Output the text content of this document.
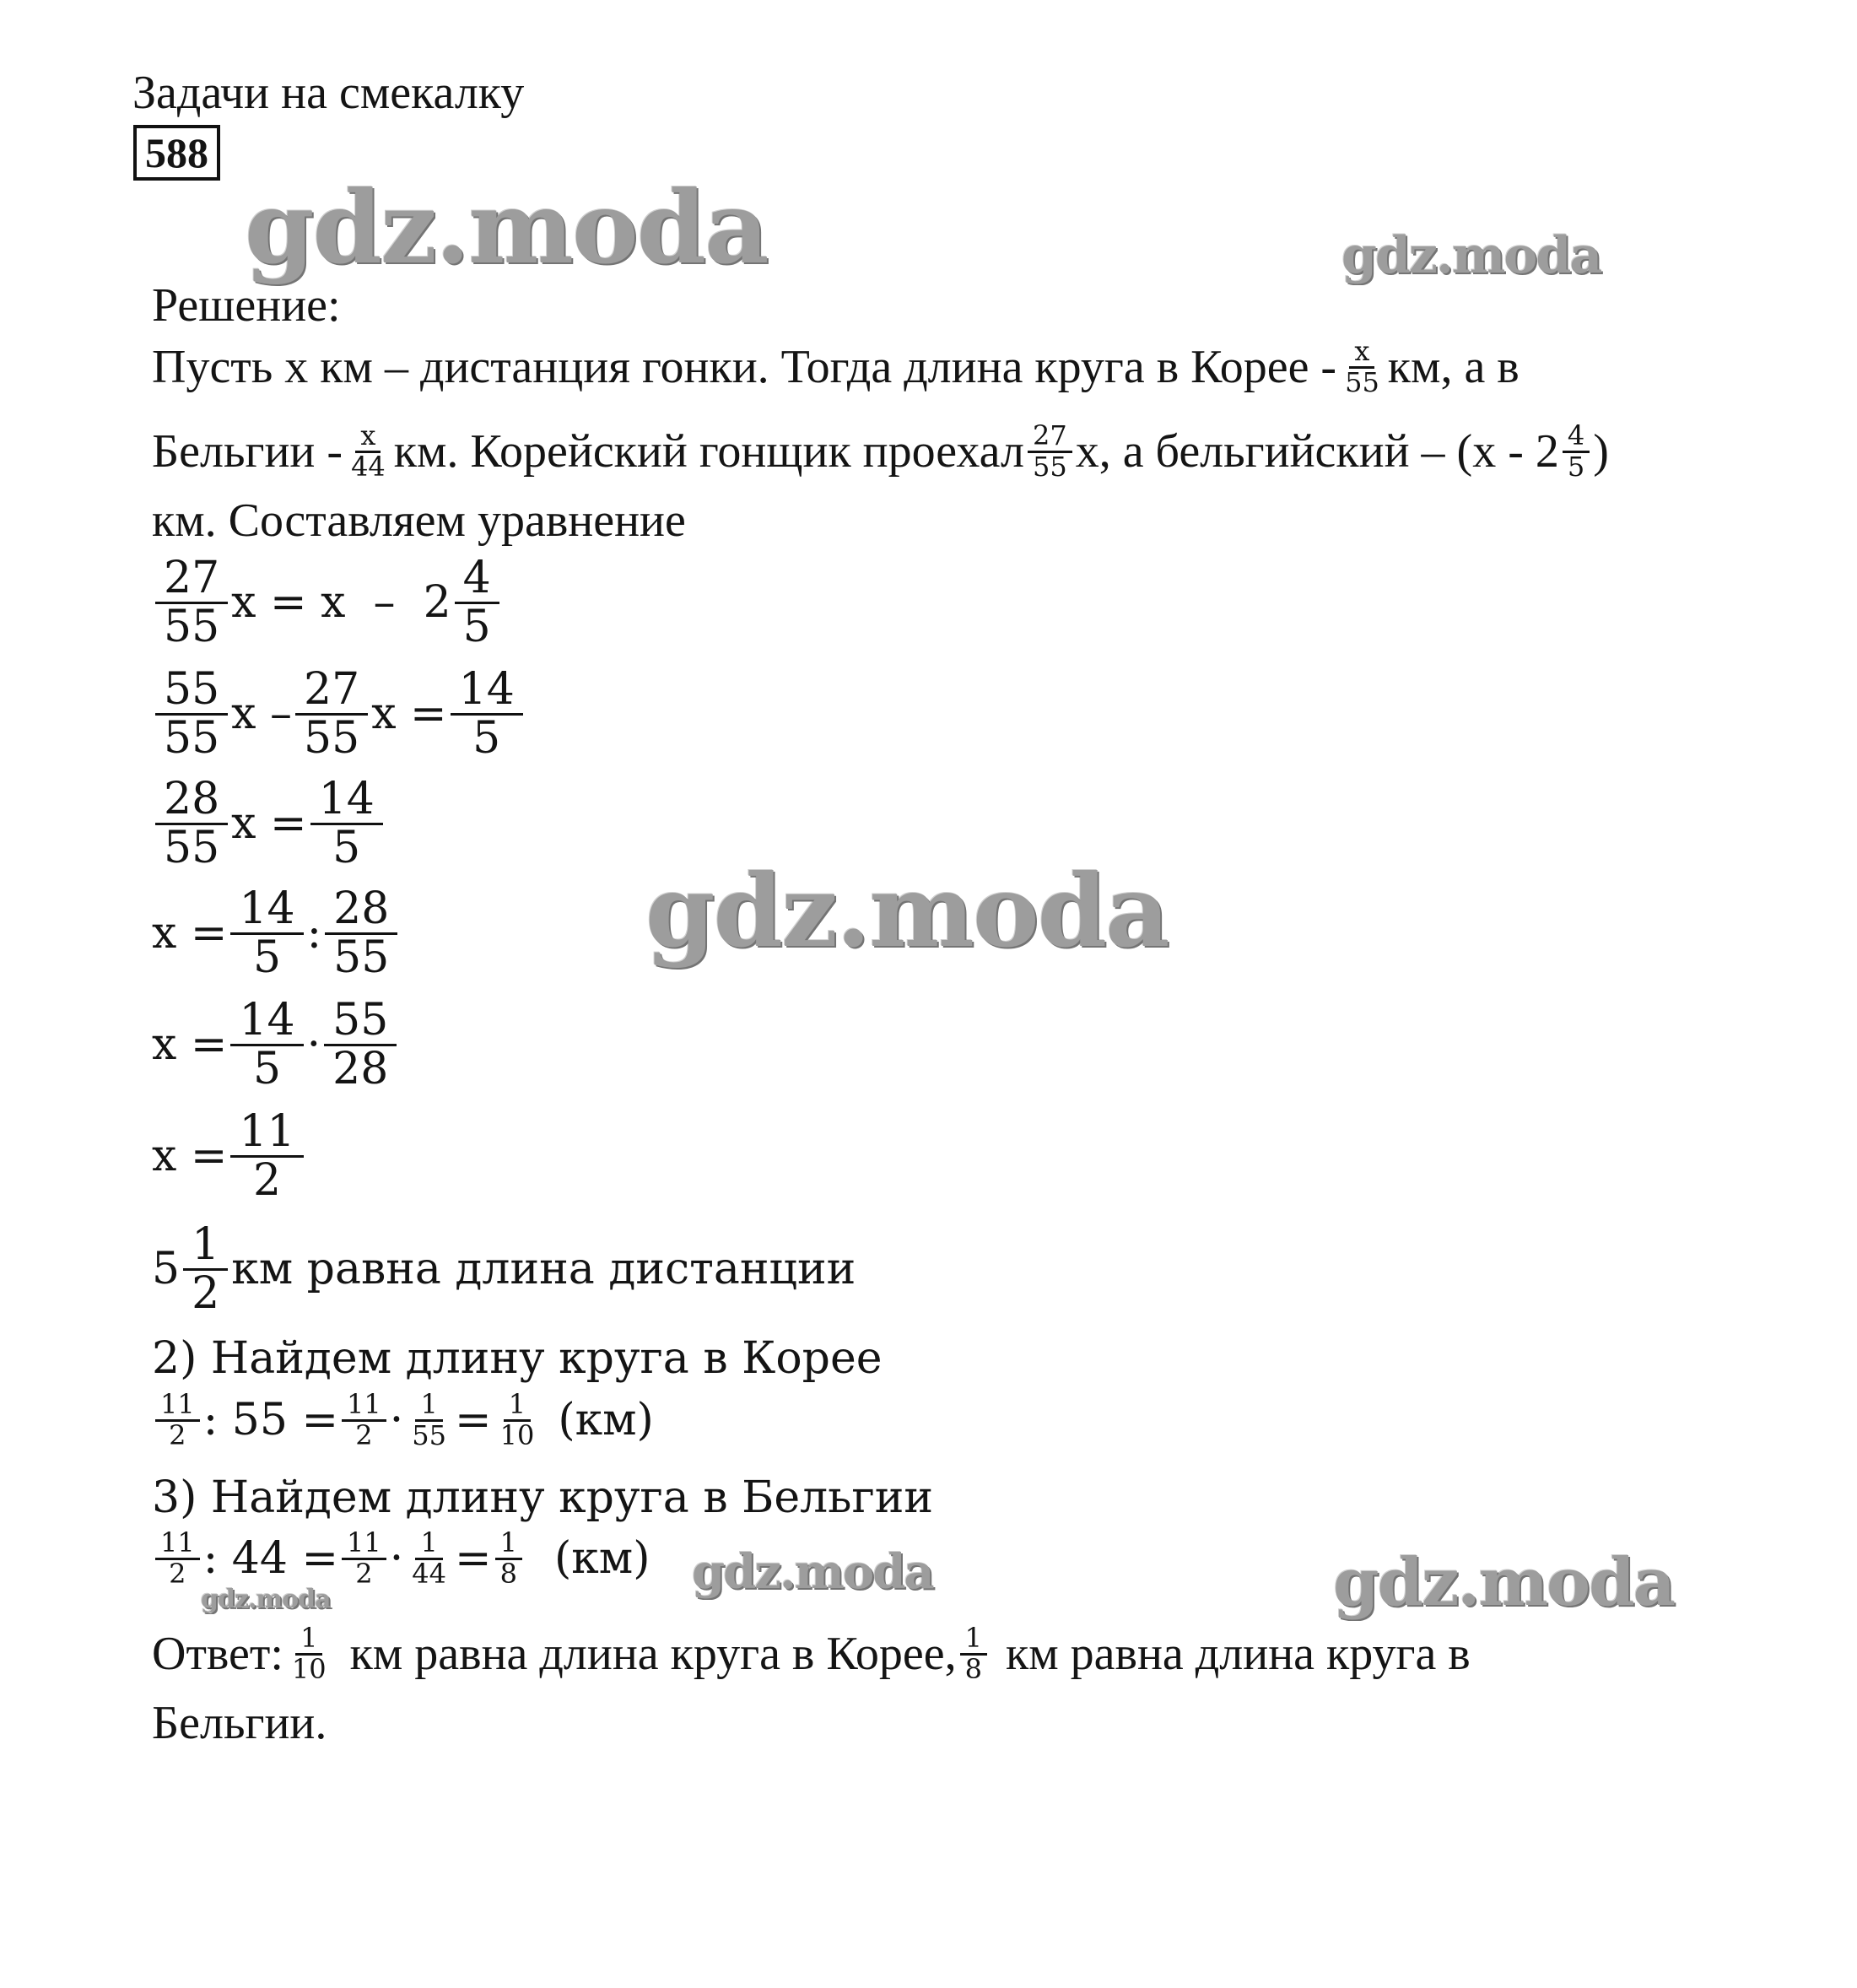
Задачи на смекалку
588
gdz.moda	gdz.moda
gdz.moda
gdz.moda	gdz.moda
gdz.moda
Решение:
Пусть x км – дистанция гонки. Тогда длина круга в Корее - $\frac{x}{55}$ км, а в
Бельгии - $\frac{x}{44}$ км. Корейский гонщик проехал $\frac{27}{55} x$, а бельгийский – ($x - 2 \frac{4}{5}$ )
км. Составляем уравнение
$\frac{27}{55}$ $x = x - 2 \frac{4}{5}$
$\frac{55}{55}$ x – $\frac{27}{55}$ $x = \frac{14}{5}$
$\frac{28}{55}$ $x = \frac{14}{5}$
$x = \frac{14}{5}$ : $\frac{28}{55}$
$x = \frac{14}{5} \cdot \frac{55}{28}$
$x = \frac{11}{2}$
$5 \frac{1}{2}$ км равна длина дистанции
2) Найдем длину круга в Корее
$\frac{11}{2}$ : $55 = \frac{11}{2} \cdot \frac{1}{55} = \frac{1}{10} (км)$
3) Найдем длину круга в Бельгии
$\frac{11}{2}$ : $44 = \frac{11}{2} \cdot \frac{1}{44} = \frac{1}{8} (км)$
Ответ: $\frac{1}{10}$ км равна длина круга в Корее, $\frac{1}{8}$ км равна длина круга в
Бельгии.
